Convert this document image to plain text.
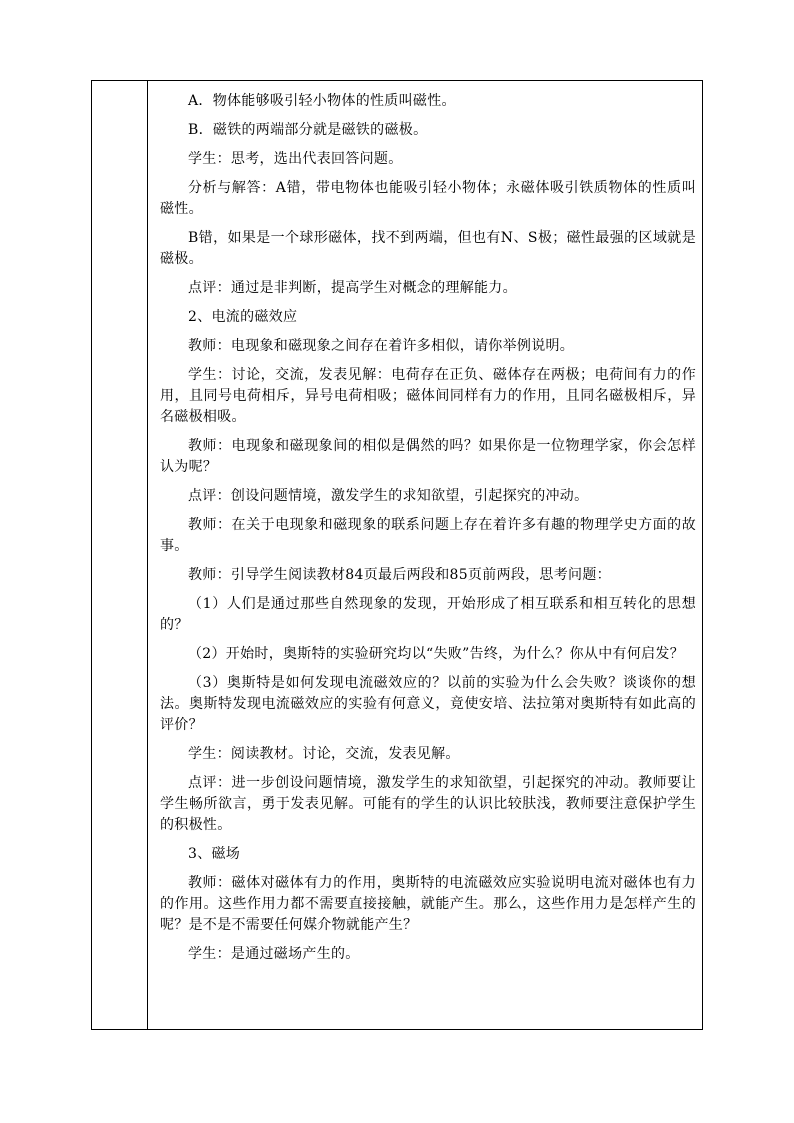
A．物体能够吸引轻小物体的性质叫磁性。

B．磁铁的两端部分就是磁铁的磁极。

学生：思考，选出代表回答问题。

分析与解答：A错，带电物体也能吸引轻小物体；永磁体吸引铁质物体的性质叫磁性。

B错，如果是一个球形磁体，找不到两端，但也有N、S极；磁性最强的区域就是磁极。

点评：通过是非判断，提高学生对概念的理解能力。

2、电流的磁效应

教师：电现象和磁现象之间存在着许多相似，请你举例说明。

学生：讨论，交流，发表见解：电荷存在正负、磁体存在两极；电荷间有力的作用，且同号电荷相斥，异号电荷相吸；磁体间同样有力的作用，且同名磁极相斥，异名磁极相吸。

教师：电现象和磁现象间的相似是偶然的吗？如果你是一位物理学家，你会怎样认为呢？

点评：创设问题情境，激发学生的求知欲望，引起探究的冲动。

教师：在关于电现象和磁现象的联系问题上存在着许多有趣的物理学史方面的故事。

教师：引导学生阅读教材84页最后两段和85页前两段，思考问题：

（1）人们是通过那些自然现象的发现，开始形成了相互联系和相互转化的思想的？

（2）开始时，奥斯特的实验研究均以“失败”告终，为什么？你从中有何启发？

（3）奥斯特是如何发现电流磁效应的？以前的实验为什么会失败？谈谈你的想法。奥斯特发现电流磁效应的实验有何意义，竟使安培、法拉第对奥斯特有如此高的评价？

学生：阅读教材。讨论，交流，发表见解。

点评：进一步创设问题情境，激发学生的求知欲望，引起探究的冲动。教师要让学生畅所欲言，勇于发表见解。可能有的学生的认识比较肤浅，教师要注意保护学生的积极性。

3、磁场

教师：磁体对磁体有力的作用，奥斯特的电流磁效应实验说明电流对磁体也有力的作用。这些作用力都不需要直接接触，就能产生。那么，这些作用力是怎样产生的呢？是不是不需要任何媒介物就能产生？

学生：是通过磁场产生的。
